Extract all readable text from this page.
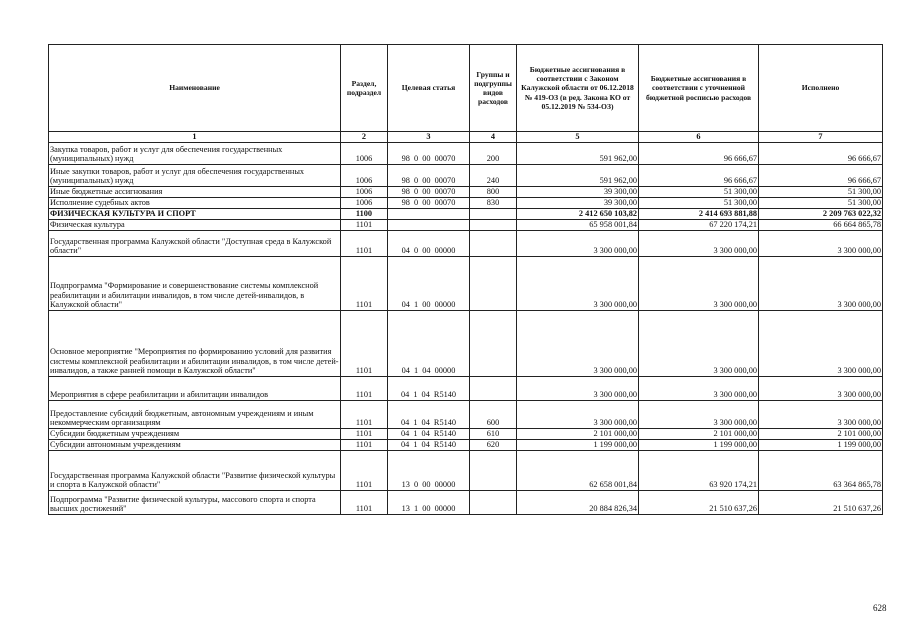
Наименование	Раздел, подраздел	Целевая статья	Группы и подгруппы видов расходов	Бюджетные ассигнования в соответствии с Законом Калужской области от 06.12.2018 № 419-ОЗ (в ред. Закона КО от 05.12.2019 № 534-ОЗ)	Бюджетные ассигнования в соответствии с уточненной бюджетной росписью расходов	Исполнено
1	2	3	4	5	6	7
Закупка товаров, работ и услуг для обеспечения государственных (муниципальных) нужд	1006	98 0 00 00070	200	591 962,00	96 666,67	96 666,67
Иные закупки товаров, работ и услуг для обеспечения государственных (муниципальных) нужд	1006	98 0 00 00070	240	591 962,00	96 666,67	96 666,67
Иные бюджетные ассигнования	1006	98 0 00 00070	800	39 300,00	51 300,00	51 300,00
Исполнение судебных актов	1006	98 0 00 00070	830	39 300,00	51 300,00	51 300,00
ФИЗИЧЕСКАЯ КУЛЬТУРА И СПОРТ	1100			2 412 650 103,82	2 414 693 881,88	2 209 763 022,32
Физическая культура	1101			65 958 001,84	67 220 174,21	66 664 865,78
Государственная программа Калужской области "Доступная среда в Калужской области"	1101	04 0 00 00000		3 300 000,00	3 300 000,00	3 300 000,00
Подпрограмма "Формирование и совершенствование системы комплексной реабилитации и абилитации инвалидов, в том числе детей-инвалидов, в Калужской области"	1101	04 1 00 00000		3 300 000,00	3 300 000,00	3 300 000,00
Основное мероприятие "Мероприятия по формированию условий для развития системы комплексной реабилитации и абилитации инвалидов, в том числе детей-инвалидов, а также ранней помощи в Калужской области"	1101	04 1 04 00000		3 300 000,00	3 300 000,00	3 300 000,00
Мероприятия в сфере реабилитации и абилитации инвалидов	1101	04 1 04 R5140		3 300 000,00	3 300 000,00	3 300 000,00
Предоставление субсидий бюджетным, автономным учреждениям и иным некоммерческим организациям	1101	04 1 04 R5140	600	3 300 000,00	3 300 000,00	3 300 000,00
Субсидии бюджетным учреждениям	1101	04 1 04 R5140	610	2 101 000,00	2 101 000,00	2 101 000,00
Субсидии автономным учреждениям	1101	04 1 04 R5140	620	1 199 000,00	1 199 000,00	1 199 000,00
Государственная программа Калужской области "Развитие физической культуры и спорта в Калужской области"	1101	13 0 00 00000		62 658 001,84	63 920 174,21	63 364 865,78
Подпрограмма "Развитие физической культуры, массового спорта и спорта высших достижений"	1101	13 1 00 00000		20 884 826,34	21 510 637,26	21 510 637,26
628
